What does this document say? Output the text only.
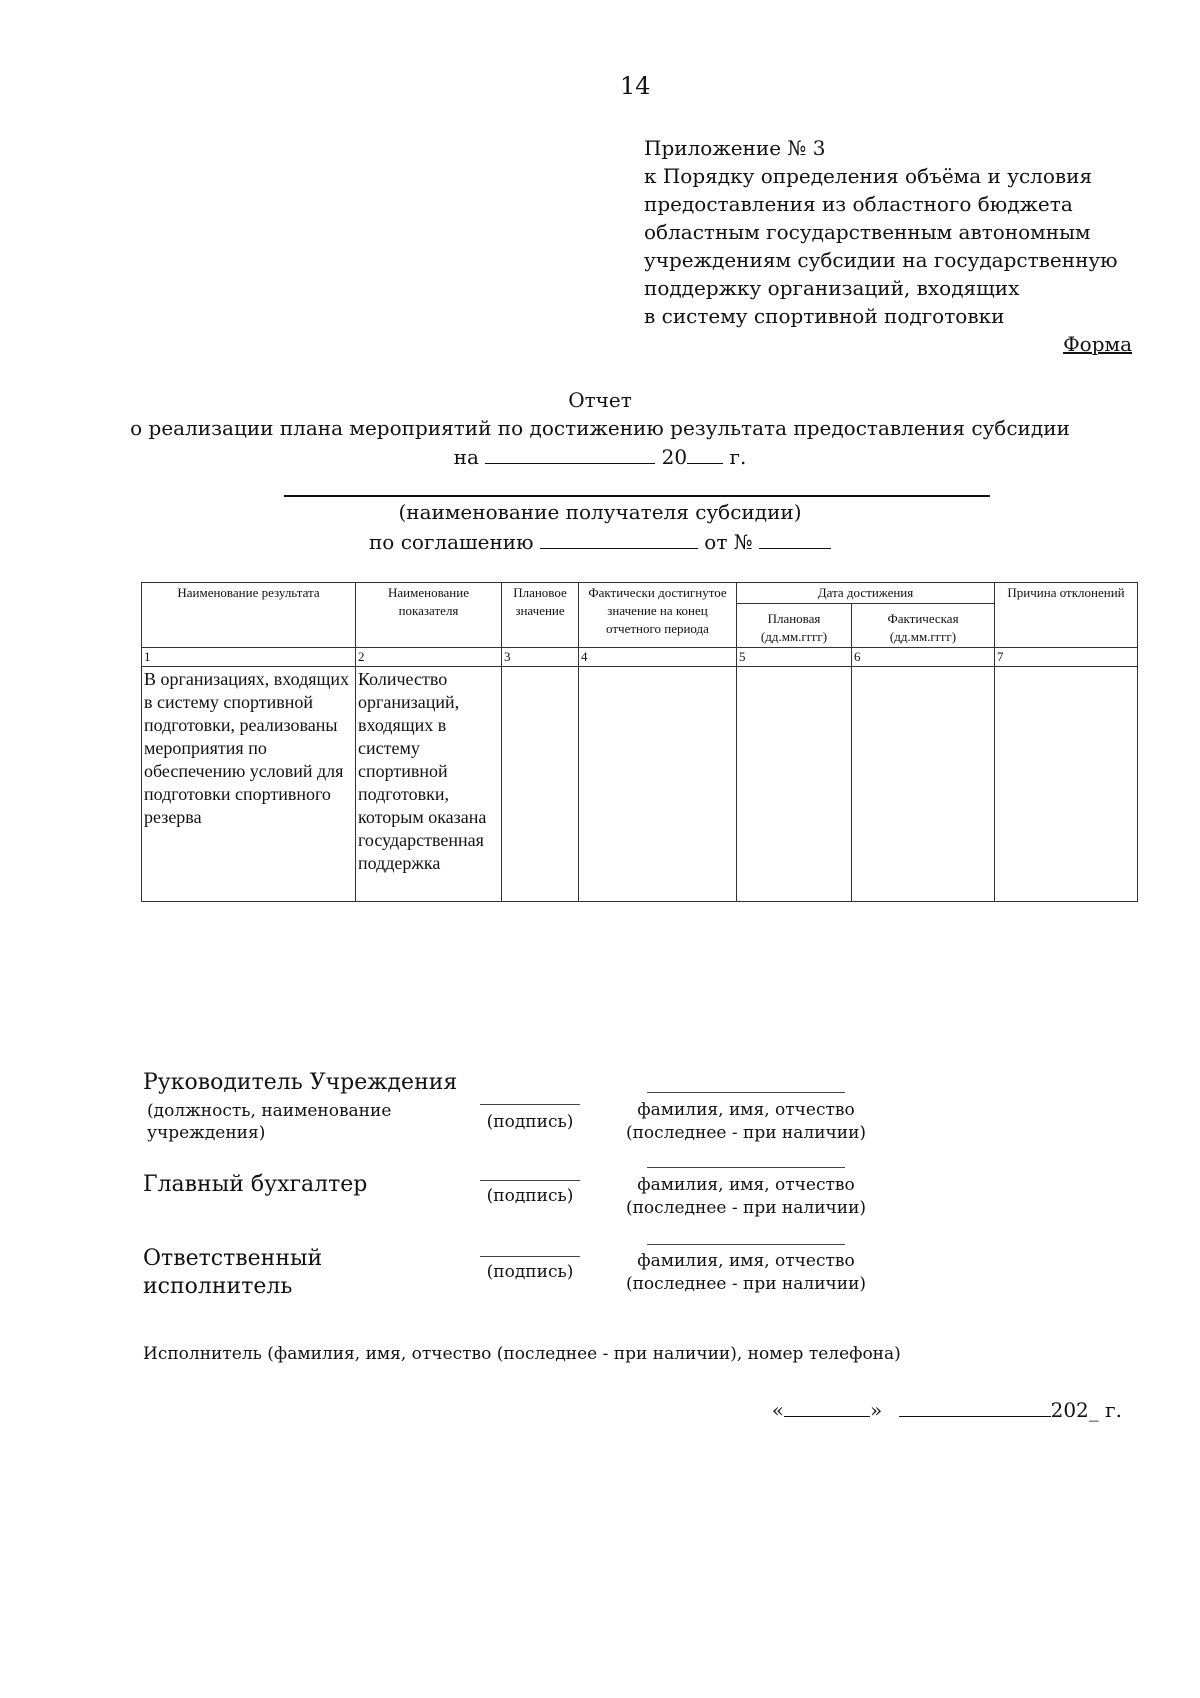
14
Приложение № 3
к Порядку определения объёма и условия
предоставления из областного бюджета
областным государственным автономным
учреждениям субсидии на государственную
поддержку организаций, входящих
в систему спортивной подготовки
Форма
Отчет
о реализации плана мероприятий по достижению результата предоставления субсидии
на	20 г.
(наименование получателя субсидии)
по соглашению	от №
Наименование результата	Наименование показателя	Плановое значение	Фактически достигнутое значение на конец отчетного периода	Дата достижения		Причина отклонений
				Плановая (дд.мм.гггг)	Фактическая (дд.мм.гггг)	
1	2	3	4	5	6	7
В организациях, входящих в систему спортивной подготовки, реализованы мероприятия по обеспечению условий для подготовки спортивного резерва	Количество организаций, входящих в систему спортивной подготовки, которым оказана государственная поддержка					
Руководитель Учреждения
(должность, наименование учреждения)
(подпись)
фамилия, имя, отчество
(последнее - при наличии)
Главный бухгалтер	(подпись)
фамилия, имя, отчество
(последнее - при наличии)
Ответственный
исполнитель
(подпись)
фамилия, имя, отчество
(последнее - при наличии)
Исполнитель (фамилия, имя, отчество (последнее - при наличии), номер телефона)
«	»	202_ г.
